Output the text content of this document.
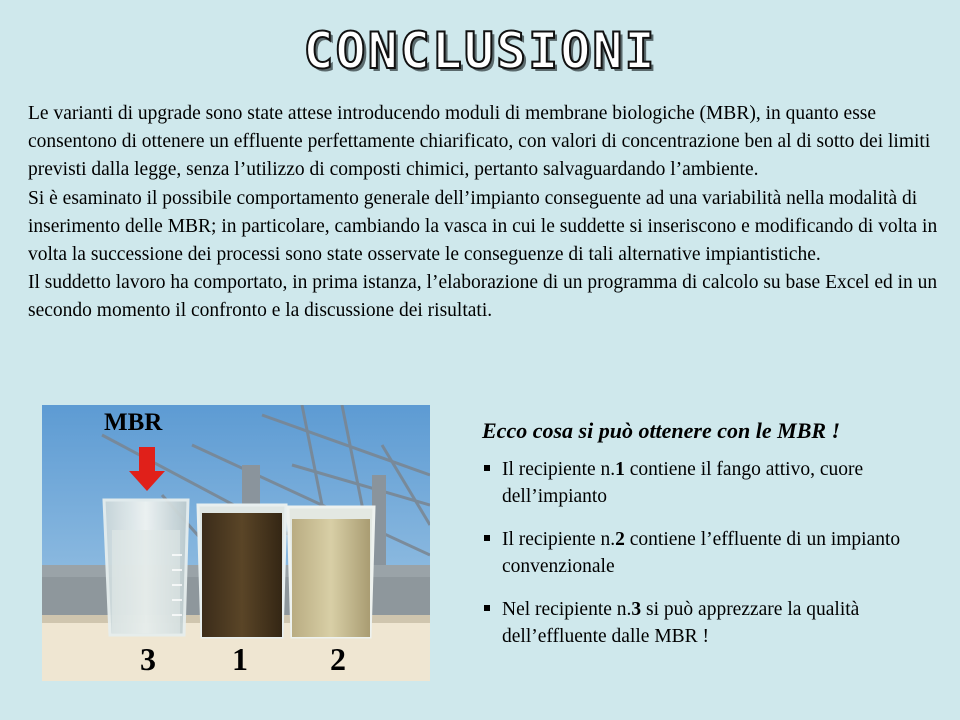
CONCLUSIONI

Le varianti di upgrade sono state attese introducendo moduli di membrane biologiche (MBR), in quanto esse consentono di ottenere un effluente perfettamente chiarificato, con valori di concentrazione ben al di sotto dei limiti previsti dalla legge, senza l’utilizzo di composti chimici, pertanto salvaguardando l’ambiente.

Si è esaminato il possibile comportamento generale dell’impianto conseguente ad una variabilità nella modalità di inserimento delle MBR; in particolare, cambiando la vasca in cui le suddette si inseriscono e modificando di volta in volta la successione dei processi sono state osservate le conseguenze di tali alternative impiantistiche.

Il suddetto lavoro ha comportato, in prima istanza, l’elaborazione di un programma di calcolo su base Excel ed in un secondo momento il confronto e la discussione dei risultati.

MBR
3 1	2
Ecco cosa si può ottenere con le MBR !
Il recipiente n.1 contiene il fango attivo, cuore dell’impianto
Il recipiente n.2 contiene l’effluente di un impianto convenzionale
Nel recipiente n.3 si può apprezzare la qualità dell’effluente dalle MBR !
